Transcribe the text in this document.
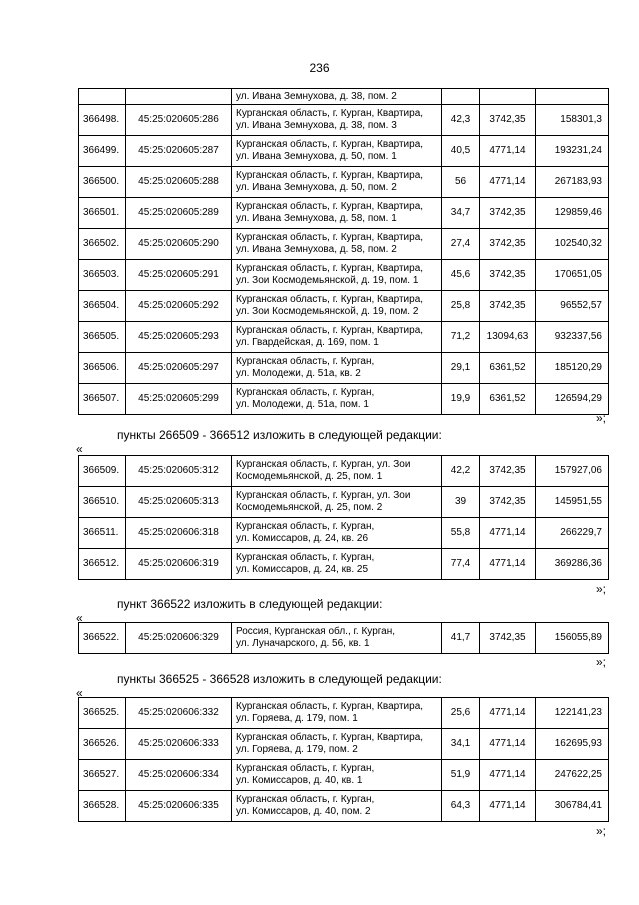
236

		ул. Ивана Земнухова, д. 38, пом. 2			

366498.	45:25:020605:286	Курганская область, г. Курган, Квартира,
ул. Ивана Земнухова, д. 38, пом. 3	42,3	3742,35	158301,3
366499.	45:25:020605:287	Курганская область, г. Курган, Квартира,
ул. Ивана Земнухова, д. 50, пом. 1	40,5	4771,14	193231,24
366500.	45:25:020605:288	Курганская область, г. Курган, Квартира,
ул. Ивана Земнухова, д. 50, пом. 2	56	4771,14	267183,93
366501.	45:25:020605:289	Курганская область, г. Курган, Квартира,
ул. Ивана Земнухова, д. 58, пом. 1	34,7	3742,35	129859,46
366502.	45:25:020605:290	Курганская область, г. Курган, Квартира,
ул. Ивана Земнухова, д. 58, пом. 2	27,4	3742,35	102540,32
366503.	45:25:020605:291	Курганская область, г. Курган, Квартира,
ул. Зои Космодемьянской, д. 19, пом. 1	45,6	3742,35	170651,05
366504.	45:25:020605:292	Курганская область, г. Курган, Квартира,
ул. Зои Космодемьянской, д. 19, пом. 2	25,8	3742,35	96552,57
366505.	45:25:020605:293	Курганская область, г. Курган, Квартира,
ул. Гвардейская, д. 169, пом. 1	71,2	13094,63	932337,56
366506.	45:25:020605:297	Курганская область, г. Курган,
ул. Молодежи, д. 51а, кв. 2	29,1	6361,52	185120,29
366507.	45:25:020605:299	Курганская область, г. Курган,
ул. Молодежи, д. 51а, пом. 1	19,9	6361,52	126594,29
»;
пункты 266509 - 366512 изложить в следующей редакции:
«
366509.	45:25:020605:312	Курганская область, г. Курган, ул. Зои
Космодемьянской, д. 25, пом. 1	42,2	3742,35	157927,06
366510.	45:25:020605:313	Курганская область, г. Курган, ул. Зои
Космодемьянской, д. 25, пом. 2	39	3742,35	145951,55
366511.	45:25:020606:318	Курганская область, г. Курган,
ул. Комиссаров, д. 24, кв. 26	55,8	4771,14	266229,7
366512.	45:25:020606:319	Курганская область, г. Курган,
ул. Комиссаров, д. 24, кв. 25	77,4	4771,14	369286,36
»;
пункт 366522 изложить в следующей редакции:
«
366522.	45:25:020606:329	
Россия, Курганская обл., г. Курган,
ул. Луначарского, д. 56, кв. 1
	41,7	3742,35	156055,89
»;
пункты 366525 - 366528 изложить в следующей редакции:
«
366525.	45:25:020606:332	Курганская область, г. Курган, Квартира,
ул. Горяева, д. 179, пом. 1	25,6	4771,14	122141,23
366526.	45:25:020606:333	Курганская область, г. Курган, Квартира,
ул. Горяева, д. 179, пом. 2	34,1	4771,14	162695,93
366527.	45:25:020606:334	Курганская область, г. Курган,
ул. Комиссаров, д. 40, кв. 1	51,9	4771,14	247622,25
366528.	45:25:020606:335	Курганская область, г. Курган,
ул. Комиссаров, д. 40, пом. 2	64,3	4771,14	306784,41
»;
